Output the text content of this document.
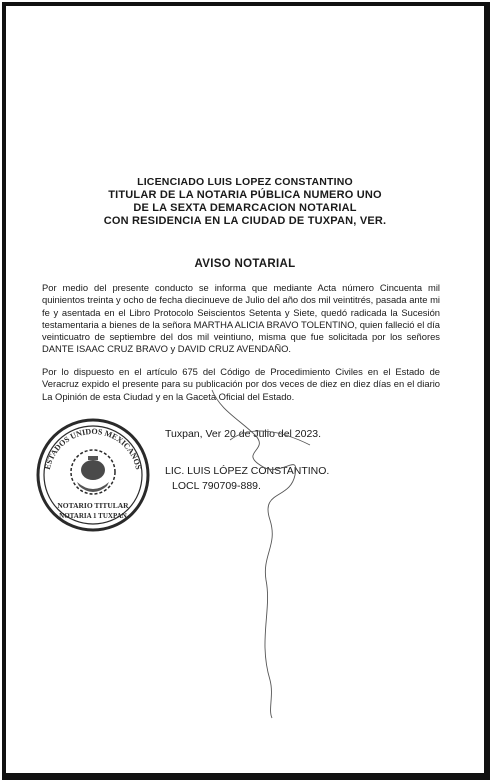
LICENCIADO LUIS LOPEZ CONSTANTINO
TITULAR DE LA NOTARIA PÚBLICA NUMERO UNO
DE LA SEXTA DEMARCACION NOTARIAL
CON RESIDENCIA EN LA CIUDAD DE TUXPAN, VER.
AVISO NOTARIAL
Por medio del presente conducto se informa que mediante Acta número Cincuenta mil quinientos treinta y ocho de fecha diecinueve de Julio del año dos mil veintitrés, pasada ante mi fe y asentada en el Libro Protocolo Seiscientos Setenta y Siete, quedó radicada la Sucesión testamentaria a bienes de la señora MARTHA ALICIA BRAVO TOLENTINO, quien falleció el día veinticuatro de septiembre del dos mil veintiuno, misma que fue solicitada por los señores DANTE ISAAC CRUZ BRAVO y DAVID CRUZ AVENDAÑO.
Por lo dispuesto en el artículo 675 del Código de Procedimiento Civiles en el Estado de Veracruz expido el presente para su publicación por dos veces de diez en diez días en el diario La Opinión de esta Ciudad y en la Gaceta Oficial del Estado.
Tuxpan, Ver 20 de Julio del 2023.
LIC. LUIS LÓPEZ CONSTANTINO.
LOCL 790709-889.
ESTADOS UNIDOS MEXICANOS
NOTARIO TITULAR
NOTARIA 1 TUXPAN
